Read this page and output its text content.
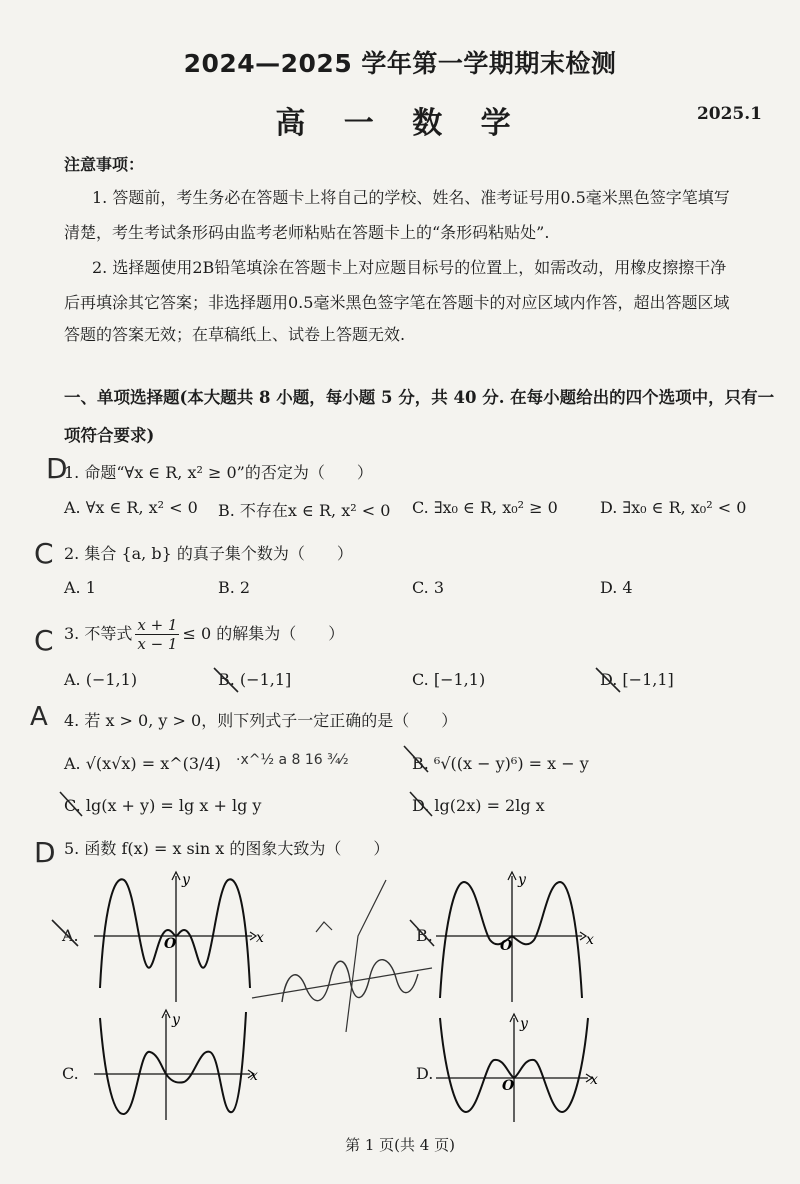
2024—2025 学年第一学期期末检测
高 一 数 学	2025.1
注意事项：
1. 答题前，考生务必在答题卡上将自己的学校、姓名、准考证号用0.5毫米黑色签字笔填写
清楚，考生考试条形码由监考老师粘贴在答题卡上的“条形码粘贴处”.
2. 选择题使用2B铅笔填涂在答题卡上对应题目标号的位置上，如需改动，用橡皮擦擦干净
后再填涂其它答案；非选择题用0.5毫米黑色签字笔在答题卡的对应区域内作答，超出答题区域
答题的答案无效；在草稿纸上、试卷上答题无效.
一、单项选择题(本大题共 8 小题，每小题 5 分，共 40 分. 在每小题给出的四个选项中，只有一
项符合要求)
D
1. 命题“∀x ∈ R, x² ≥ 0”的否定为（　　）
A. ∀x ∈ R, x² < 0 B. 不存在x ∈ R, x² < 0 C. ∃x₀ ∈ R, x₀² ≥ 0	D. ∃x₀ ∈ R, x₀² < 0
C 2. 集合 {a, b} 的真子集个数为（　　）
A. 1	B. 2	C. 3	D. 4
C 3. 不等式 $\frac{x + 1}{x - 1} \le 0$ 的解集为（　　）
A. (−1,1)	B. (−1,1]	C. [−1,1)	D. [−1,1]
A 4. 若 x > 0, y > 0，则下列式子一定正确的是（　　）
A. √(x√x) = x^(3/4) ·x^½ a 8 16 ¾⁄₂	B. ⁶√((x − y)⁶) = x − y
C. lg(x + y) = lg x + lg y	D. lg(2x) = 2lg x
D 5. 函数 f(x) = x sin x 的图象大致为（　　）
A.	B.
C.	D.
O	x
y
O	x
y
x
y
O	x
y
第 1 页(共 4 页)
